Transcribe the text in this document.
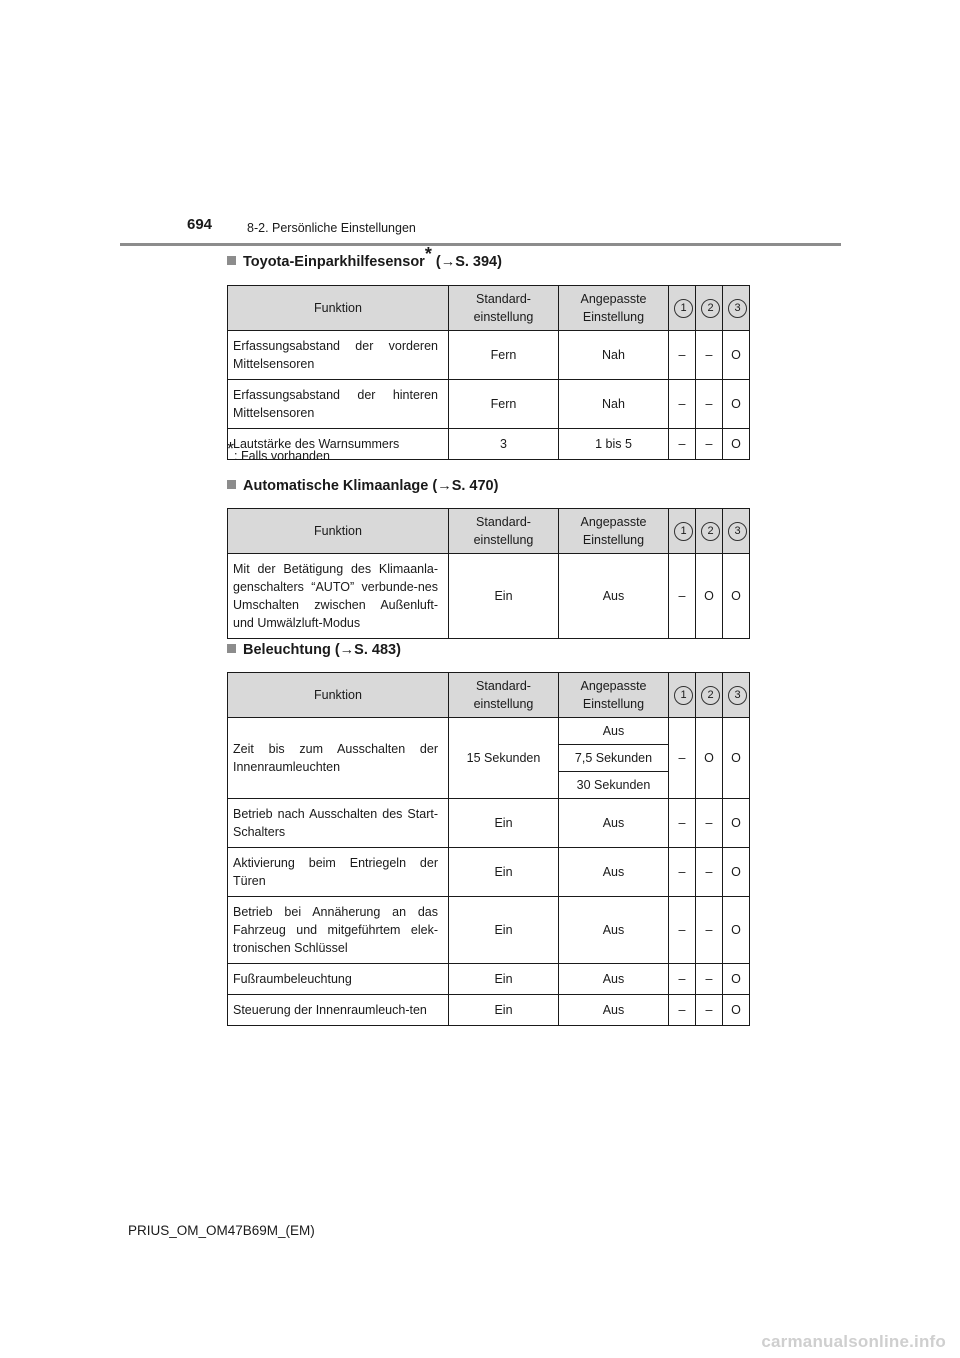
694	8-2. Persönliche Einstellungen
Toyota-Einparkhilfesensor* (→S. 394)
Funktion	Standard-einstellung	Angepasste Einstellung	1	2	3
Erfassungsabstand der vorderen Mittelsensoren	Fern	Nah	–	–	O
Erfassungsabstand der hinteren Mittelsensoren	Fern	Nah	–	–	O
Lautstärke des Warnsummers	3	1 bis 5	–	–	O
*: Falls vorhanden
Automatische Klimaanlage (→S. 470)
Funktion	Standard-einstellung	Angepasste Einstellung	1	2	3
Mit der Betätigung des Klimaanla-genschalters “AUTO” verbunde-nes Umschalten zwischen Außenluft- und Umwälzluft-Modus	Ein	Aus	–	O	O
Beleuchtung (→S. 483)
Funktion	Standard-einstellung	Angepasste Einstellung	1	2	3
Zeit bis zum Ausschalten der Innenraumleuchten	15 Sekunden	Aus	–	O	O
		7,5 Sekunden			
		30 Sekunden			
Betrieb nach Ausschalten des Start-Schalters	Ein	Aus	–	–	O
Aktivierung beim Entriegeln der Türen	Ein	Aus	–	–	O
Betrieb bei Annäherung an das Fahrzeug und mitgeführtem elek-tronischen Schlüssel	Ein	Aus	–	–	O
Fußraumbeleuchtung	Ein	Aus	–	–	O
Steuerung der Innenraumleuch-ten	Ein	Aus	–	–	O
PRIUS_OM_OM47B69M_(EM)
carmanualsonline.info
